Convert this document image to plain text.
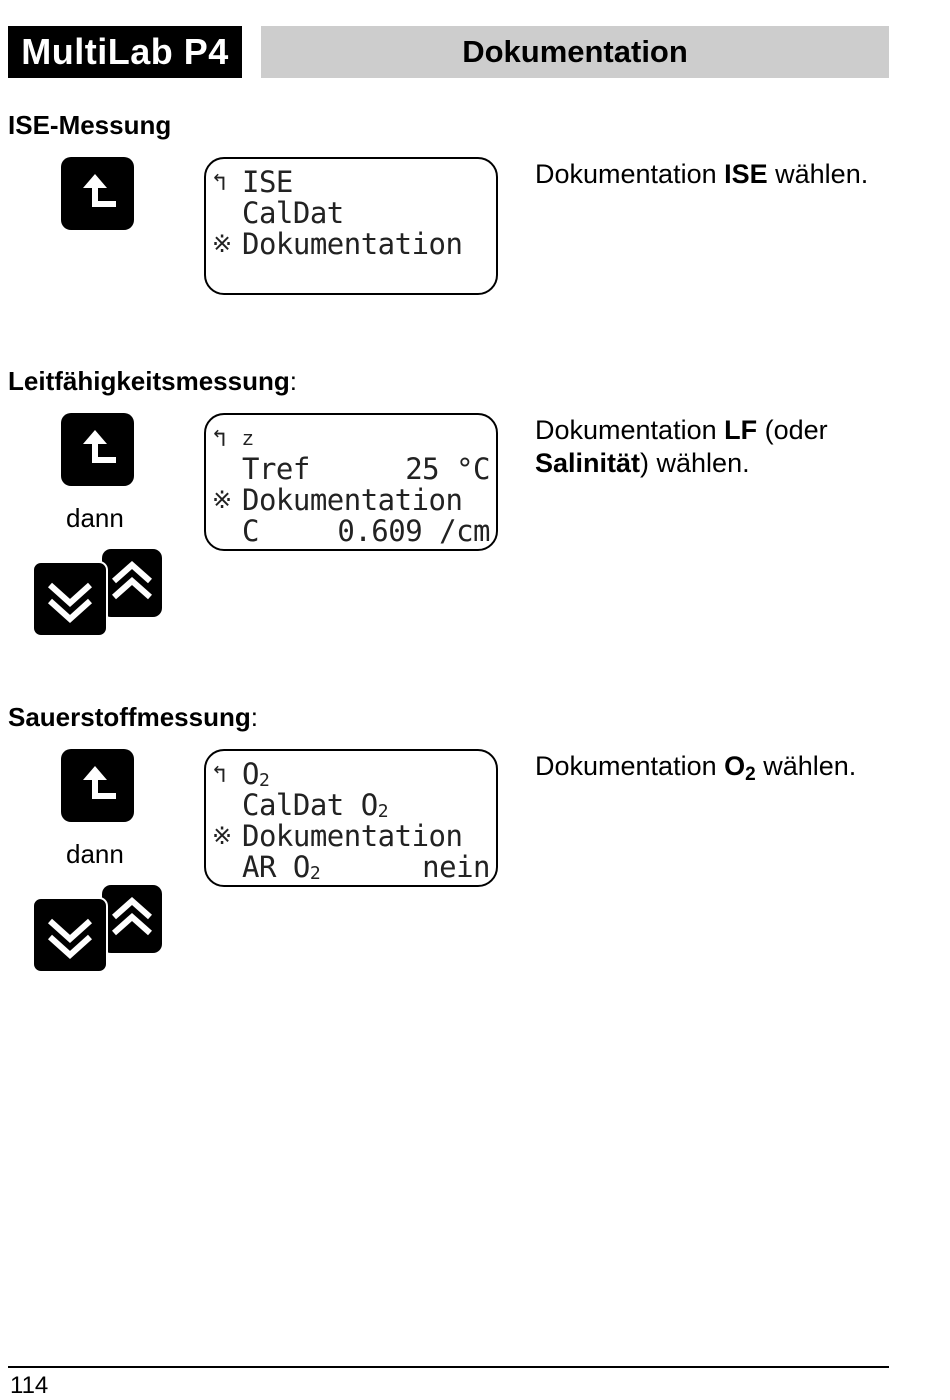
MultiLab P4	Dokumentation
ISE-Messung
↰ ISE
CalDat
※ Dokumentation
Dokumentation ISE wählen.
Leitfähigkeitsmessung:
dann
↰ ᴢ
Tref	25 °C
※ Dokumentation
C	0.609 /cm
Dokumentation LF (oder
Salinität) wählen.
Sauerstoffmessung:
dann
↰ $O_2$
CalDat $O_2$
※ Dokumentation
AR $O_2$	nein
Dokumentation $O_2$ wählen.
114
